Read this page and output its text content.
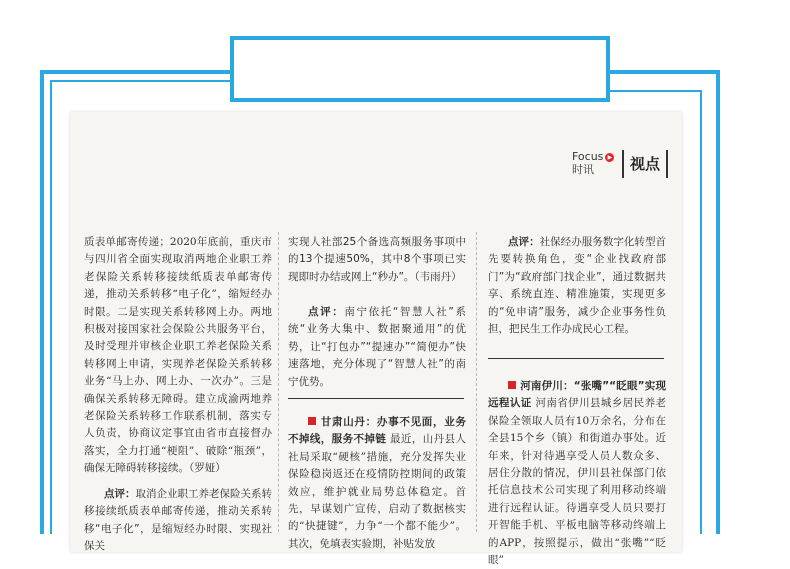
Focus ▶
时讯	视点

质表单邮寄传递；2020年底前，重庆市与四川省全面实现取消两地企业职工养老保险关系转移接续纸质表单邮寄传递，推动关系转移“电子化”，缩短经办时限。二是实现关系转移网上办。两地积极对接国家社会保险公共服务平台，及时受理并审核企业职工养老保险关系转移网上申请，实现养老保险关系转移业务“马上办、网上办、一次办”。三是确保关系转移无障碍。建立成渝两地养老保险关系转移工作联系机制，落实专人负责，协商议定事宜由省市直接督办落实，全力打通“梗阻”、破除“瓶颈”，确保无障碍转移接续。（罗娅）

点评：取消企业职工养老保险关系转移接续纸质表单邮寄传递，推动关系转移“电子化”，是缩短经办时限、实现社保关

实现人社部25个备选高频服务事项中的13个提速50%，其中8个事项已实现即时办结或网上“秒办”。（韦雨丹）

点评：南宁依托“智慧人社”系统“业务大集中、数据聚通用”的优势，让“打包办”“提速办”“简便办”快速落地，充分体现了“智慧人社”的南宁优势。
甘肃山丹：办事不见面，业务不掉线，服务不掉链 最近，山丹县人社局采取“硬核”措施，充分发挥失业保险稳岗返还在疫情防控期间的政策效应，维护就业局势总体稳定。首先，早谋划广宣传，启动了数据核实的“快捷键”，力争“一个都不能少”。其次，免填表实验期，补贴发放
点评：社保经办服务数字化转型首先要转换角色，变“企业找政府部门”为“政府部门找企业”，通过数据共享、系统直连、精准施策，实现更多的“免申请”服务，减少企业事务性负担，把民生工作办成民心工程。
河南伊川：“张嘴”“眨眼”实现远程认证 河南省伊川县城乡居民养老保险全领取人员有10万余名，分布在全县15个乡（镇）和街道办事处。近年来，针对待遇享受人员人数众多、居住分散的情况，伊川县社保部门依托信息技术公司实现了利用移动终端进行远程认证。待遇享受人员只要打开智能手机、平板电脑等移动终端上的APP，按照提示，做出“张嘴”“眨眼”
